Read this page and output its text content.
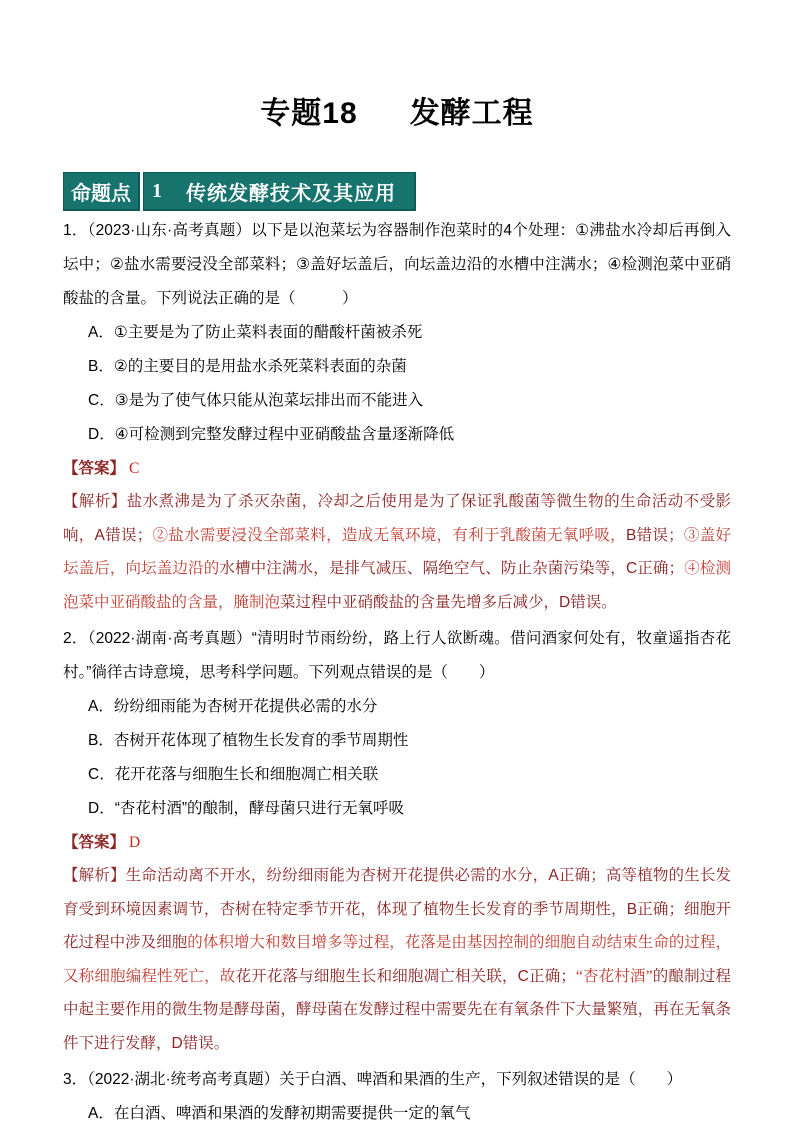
专题18 发酵工程
命题点	1 传统发酵技术及其应用

1．（2023·山东·高考真题）以下是以泡菜坛为容器制作泡菜时的4个处理：①沸盐水冷却后再倒入坛中；②盐水需要浸没全部菜料；③盖好坛盖后，向坛盖边沿的水槽中注满水；④检测泡菜中亚硝酸盐的含量。下列说法正确的是（　　　）

A．①主要是为了防止菜料表面的醋酸杆菌被杀死

B．②的主要目的是用盐水杀死菜料表面的杂菌

C．③是为了使气体只能从泡菜坛排出而不能进入

D．④可检测到完整发酵过程中亚硝酸盐含量逐渐降低

【答案】 C

【解析】盐水煮沸是为了杀灭杂菌，冷却之后使用是为了保证乳酸菌等微生物的生命活动不受影响，A错误；②盐水需要浸没全部菜料，造成无氧环境，有利于乳酸菌无氧呼吸，B错误；③盖好坛盖后，向坛盖边沿的水槽中注满水，是排气减压、隔绝空气、防止杂菌污染等，C正确；④检测泡菜中亚硝酸盐的含量，腌制泡菜过程中亚硝酸盐的含量先增多后减少，D错误。

2．（2022·湖南·高考真题）“清明时节雨纷纷，路上行人欲断魂。借问酒家何处有，牧童遥指杏花村。”徜徉古诗意境，思考科学问题。下列观点错误的是（　　）

A．纷纷细雨能为杏树开花提供必需的水分

B．杏树开花体现了植物生长发育的季节周期性

C．花开花落与细胞生长和细胞凋亡相关联

D．“杏花村酒”的酿制，酵母菌只进行无氧呼吸

【答案】 D

【解析】生命活动离不开水，纷纷细雨能为杏树开花提供必需的水分，A正确；高等植物的生长发育受到环境因素调节，杏树在特定季节开花，体现了植物生长发育的季节周期性，B正确；细胞开花过程中涉及细胞的体积增大和数目增多等过程，花落是由基因控制的细胞自动结束生命的过程，又称细胞编程性死亡，故花开花落与细胞生长和细胞凋亡相关联，C正确；“杏花村酒”的酿制过程中起主要作用的微生物是酵母菌，酵母菌在发酵过程中需要先在有氧条件下大量繁殖，再在无氧条件下进行发酵，D错误。

3．（2022·湖北·统考高考真题）关于白酒、啤酒和果酒的生产，下列叙述错误的是（　　）

A．在白酒、啤酒和果酒的发酵初期需要提供一定的氧气
